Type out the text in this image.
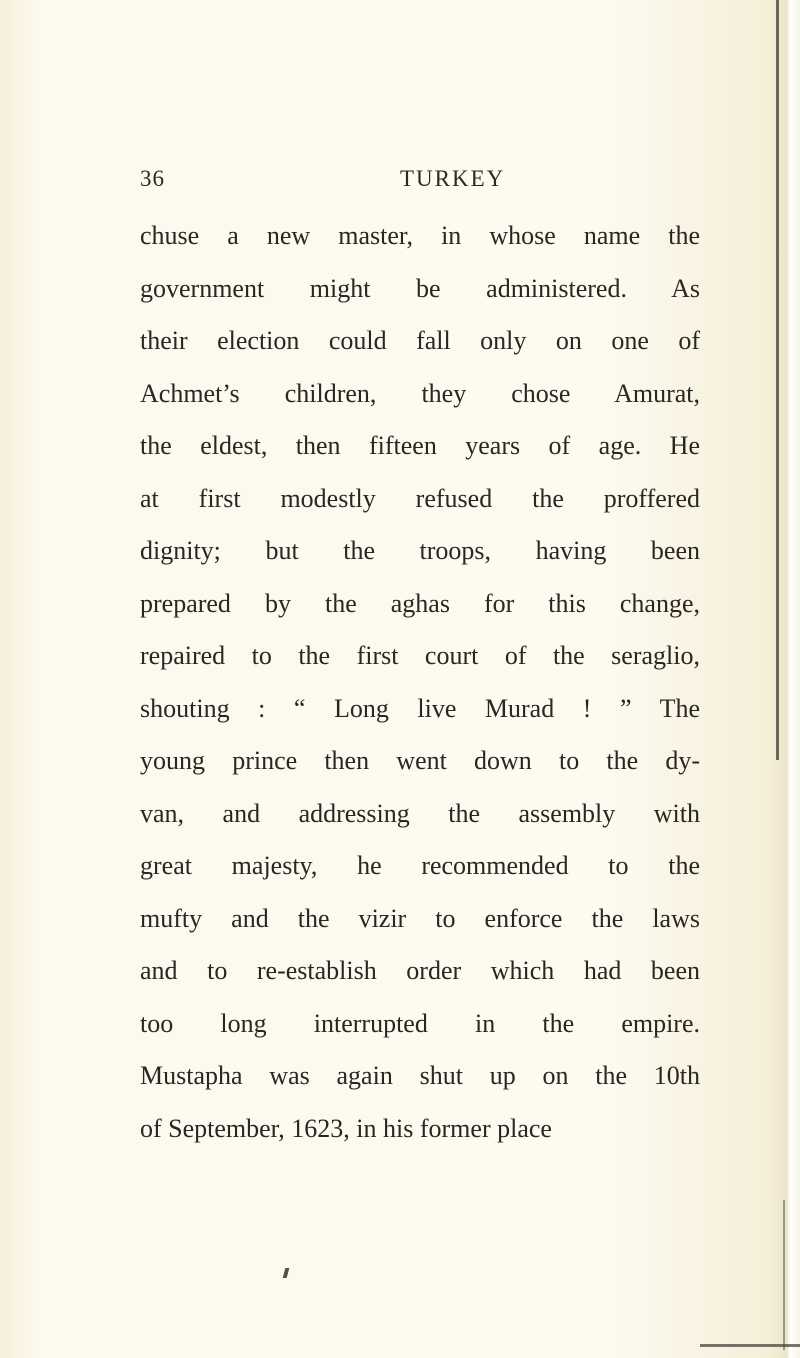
36	TURKEY
chuse a new master, in whose name the
government might be administered. As
their election could fall only on one of
Achmet’s children, they chose Amurat,
the eldest, then fifteen years of age. He
at first modestly refused the proffered
dignity; but the troops, having been
prepared by the aghas for this change,
repaired to the first court of the seraglio,
shouting : “ Long live Murad ! ” The
young prince then went down to the dy-
van, and addressing the assembly with
great majesty, he recommended to the
mufty and the vizir to enforce the laws
and to re-establish order which had been
too long interrupted in the empire.
Mustapha was again shut up on the 10th
of September, 1623, in his former place
